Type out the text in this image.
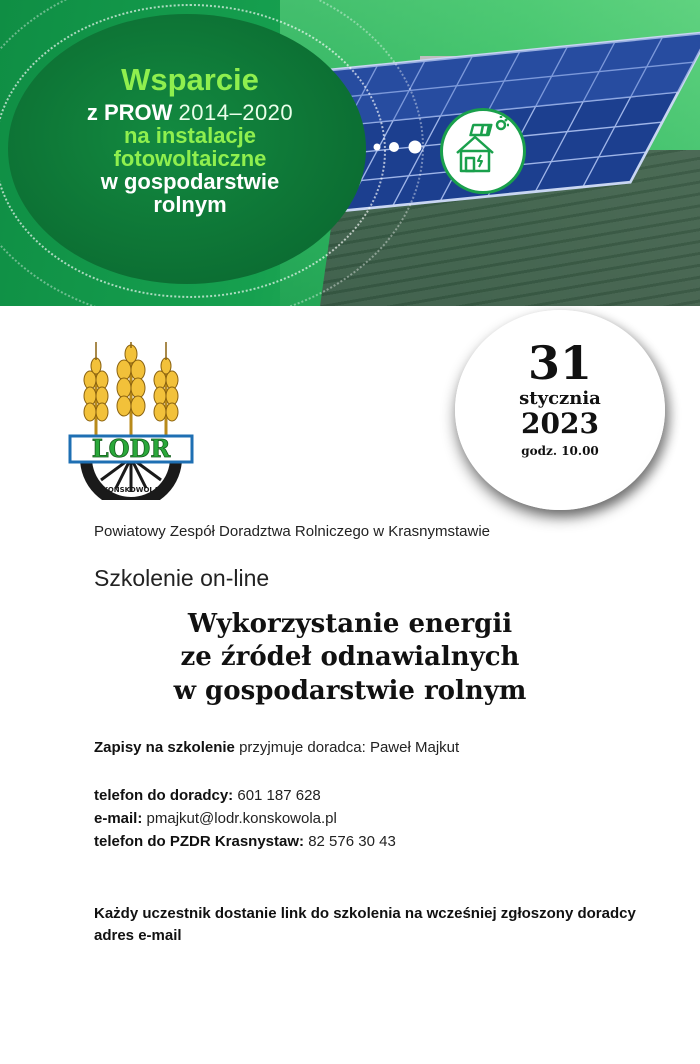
Wsparcie
z PROW 2014–2020
na instalacje
fotowoltaiczne
w gospodarstwie
rolnym
LODR
KOŃSKOWOLA
31
stycznia
2023
godz. 10.00
Powiatowy Zespół Doradztwa Rolniczego w Krasnymstawie
Szkolenie on-line
Wykorzystanie energii
ze źródeł odnawialnych
w gospodarstwie rolnym
Zapisy na szkolenie przyjmuje doradca: Paweł Majkut
telefon do doradcy: 601 187 628
e-mail: pmajkut@lodr.konskowola.pl
telefon do PZDR Krasnystaw: 82 576 30 43
Każdy uczestnik dostanie link do szkolenia na wcześniej zgłoszony doradcy adres e-mail
